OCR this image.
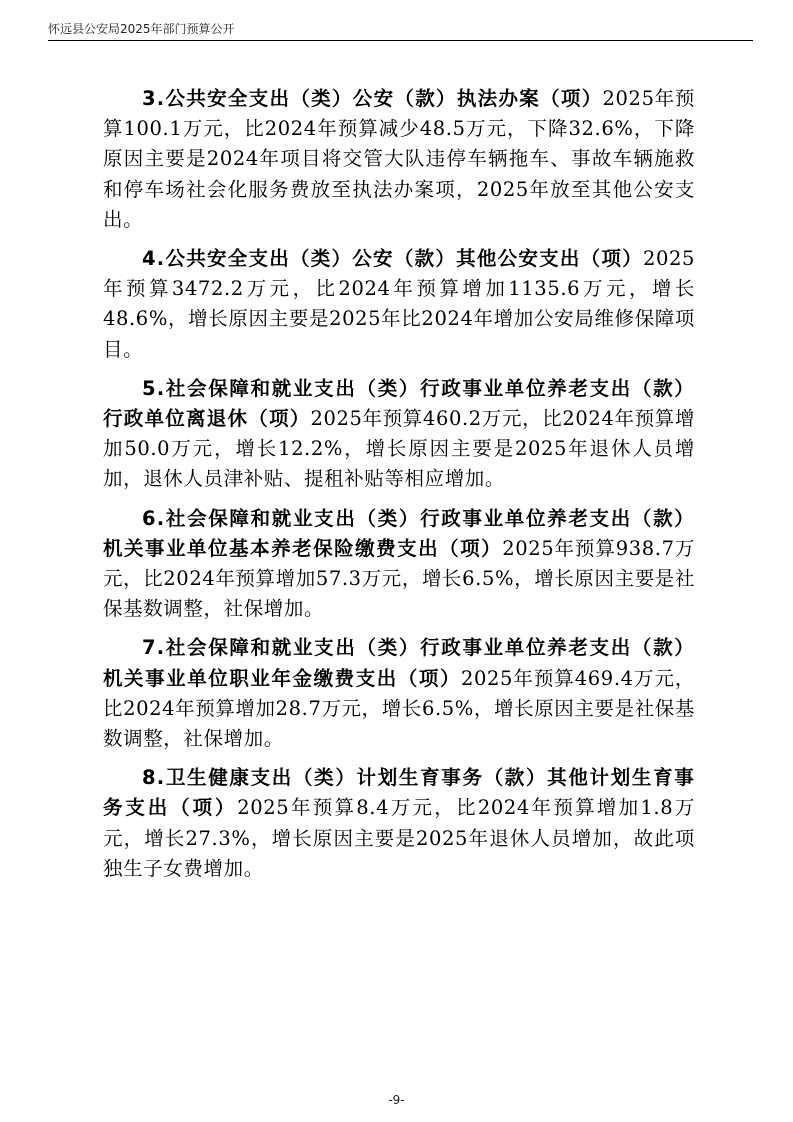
怀远县公安局2025年部门预算公开

3.公共安全支出（类）公安（款）执法办案（项）2025年预算100.1万元，比2024年预算减少48.5万元，下降32.6%，下降原因主要是2024年项目将交管大队违停车辆拖车、事故车辆施救和停车场社会化服务费放至执法办案项，2025年放至其他公安支出。

4.公共安全支出（类）公安（款）其他公安支出（项）2025年预算3472.2万元，比2024年预算增加1135.6万元，增长48.6%，增长原因主要是2025年比2024年增加公安局维修保障项目。

5.社会保障和就业支出（类）行政事业单位养老支出（款）行政单位离退休（项）2025年预算460.2万元，比2024年预算增加50.0万元，增长12.2%，增长原因主要是2025年退休人员增加，退休人员津补贴、提租补贴等相应增加。

6.社会保障和就业支出（类）行政事业单位养老支出（款）机关事业单位基本养老保险缴费支出（项）2025年预算938.7万元，比2024年预算增加57.3万元，增长6.5%，增长原因主要是社保基数调整，社保增加。

7.社会保障和就业支出（类）行政事业单位养老支出（款）机关事业单位职业年金缴费支出（项）2025年预算469.4万元，比2024年预算增加28.7万元，增长6.5%，增长原因主要是社保基数调整，社保增加。

8.卫生健康支出（类）计划生育事务（款）其他计划生育事务支出（项）2025年预算8.4万元，比2024年预算增加1.8万元，增长27.3%，增长原因主要是2025年退休人员增加，故此项独生子女费增加。

-9-
